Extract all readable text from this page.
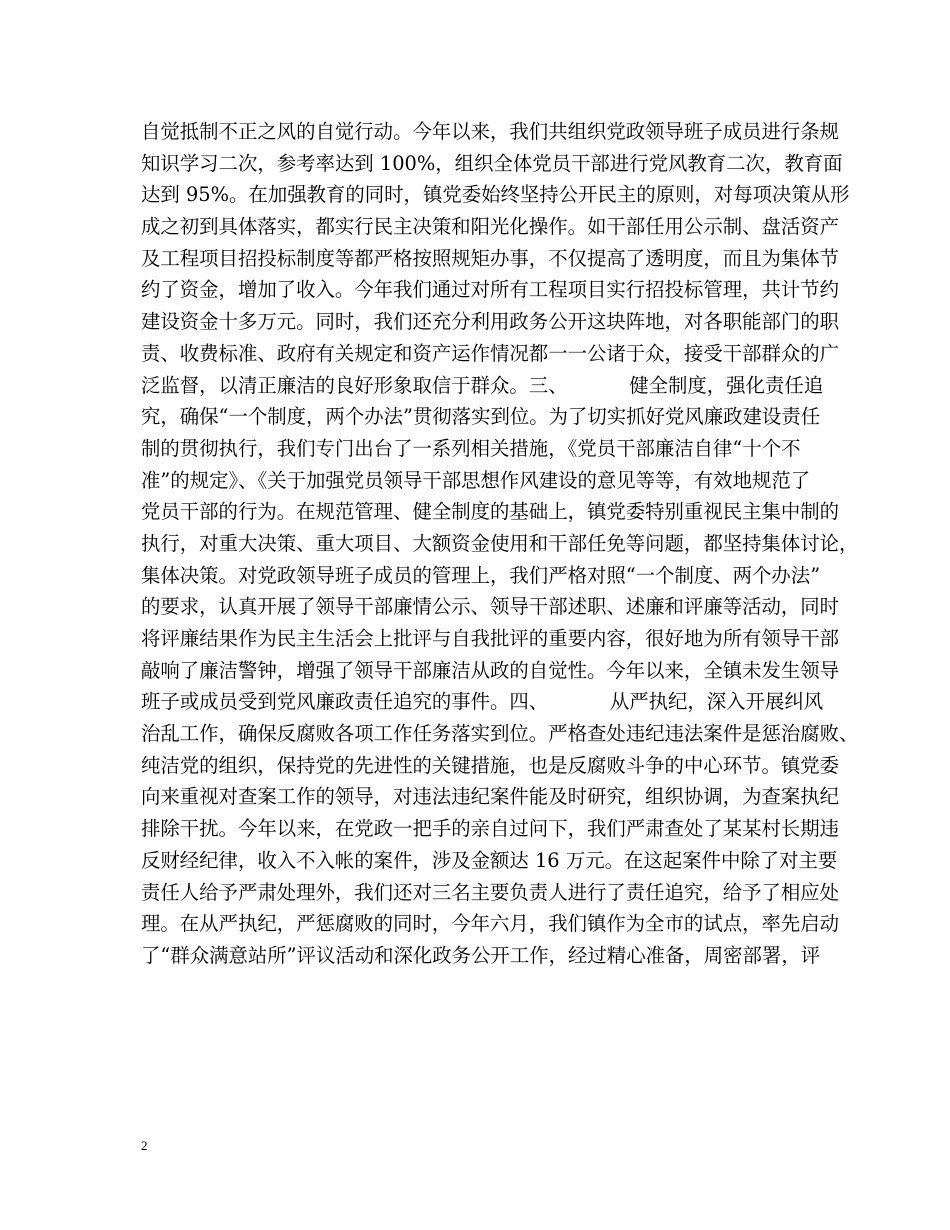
自觉抵制不正之风的自觉行动。今年以来，我们共组织党政领导班子成员进行条规
知识学习二次，参考率达到 100%，组织全体党员干部进行党风教育二次，教育面
达到 95%。在加强教育的同时，镇党委始终坚持公开民主的原则，对每项决策从形
成之初到具体落实，都实行民主决策和阳光化操作。如干部任用公示制、盘活资产
及工程项目招投标制度等都严格按照规矩办事，不仅提高了透明度，而且为集体节
约了资金，增加了收入。今年我们通过对所有工程项目实行招投标管理，共计节约
建设资金十多万元。同时，我们还充分利用政务公开这块阵地，对各职能部门的职
责、收费标准、政府有关规定和资产运作情况都一一公诸于众，接受干部群众的广
泛监督，以清正廉洁的良好形象取信于群众。三、          健全制度，强化责任追
究，确保“一个制度，两个办法”贯彻落实到位。为了切实抓好党风廉政建设责任
制的贯彻执行，我们专门出台了一系列相关措施，《党员干部廉洁自律“十个不
准”的规定》、《关于加强党员领导干部思想作风建设的意见等等，有效地规范了
党员干部的行为。在规范管理、健全制度的基础上，镇党委特别重视民主集中制的
执行，对重大决策、重大项目、大额资金使用和干部任免等问题，都坚持集体讨论，
集体决策。对党政领导班子成员的管理上，我们严格对照“一个制度、两个办法”
的要求，认真开展了领导干部廉情公示、领导干部述职、述廉和评廉等活动，同时
将评廉结果作为民主生活会上批评与自我批评的重要内容，很好地为所有领导干部
敲响了廉洁警钟，增强了领导干部廉洁从政的自觉性。今年以来，全镇未发生领导
班子或成员受到党风廉政责任追究的事件。四、          从严执纪，深入开展纠风
治乱工作，确保反腐败各项工作任务落实到位。严格查处违纪违法案件是惩治腐败、
纯洁党的组织，保持党的先进性的关键措施，也是反腐败斗争的中心环节。镇党委
向来重视对查案工作的领导，对违法违纪案件能及时研究，组织协调，为查案执纪
排除干扰。今年以来，在党政一把手的亲自过问下，我们严肃查处了某某村长期违
反财经纪律，收入不入帐的案件，涉及金额达 16 万元。在这起案件中除了对主要
责任人给予严肃处理外，我们还对三名主要负责人进行了责任追究，给予了相应处
理。在从严执纪，严惩腐败的同时，今年六月，我们镇作为全市的试点，率先启动
了“群众满意站所”评议活动和深化政务公开工作，经过精心准备，周密部署，评
2
